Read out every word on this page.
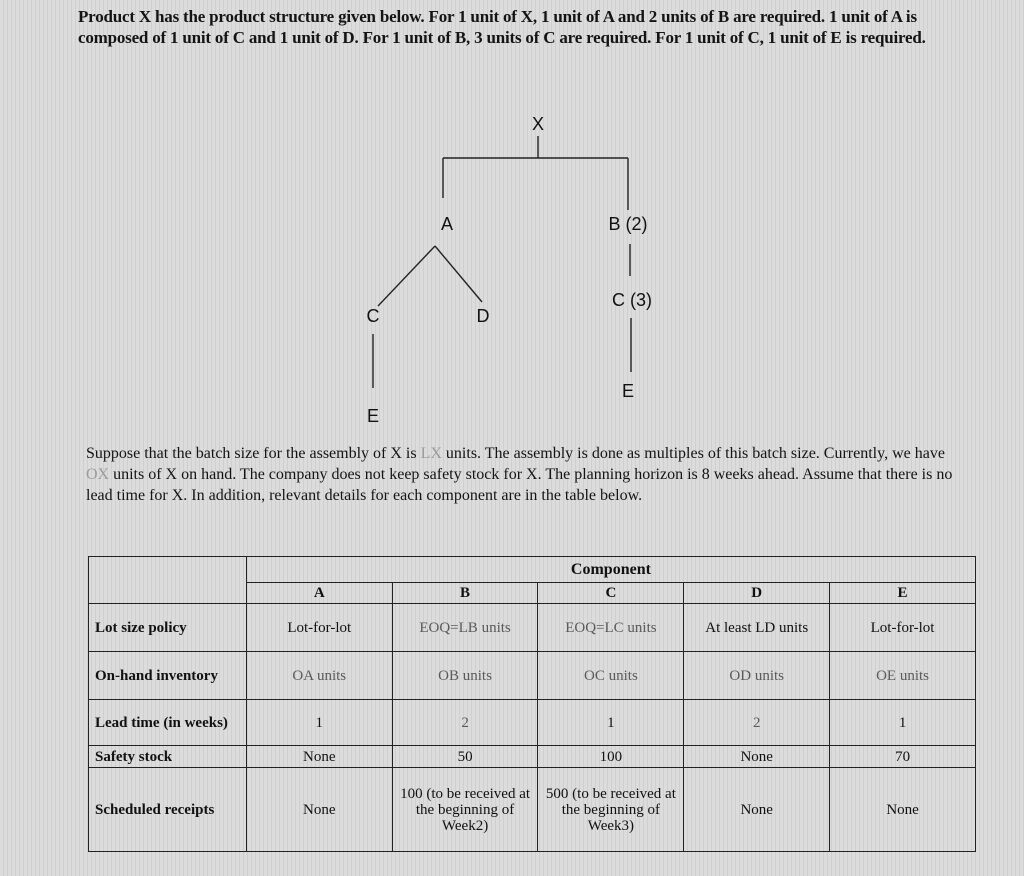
Product X has the product structure given below. For 1 unit of X, 1 unit of A and 2 units of B are required. 1 unit of A is composed of 1 unit of C and 1 unit of D. For 1 unit of B, 3 units of C are required. For 1 unit of C, 1 unit of E is required.

X
A	B (2)
C	D
E
C (3)
E

Suppose that the batch size for the assembly of X is LX units. The assembly is done as multiples of this batch size. Currently, we have OX units of X on hand. The company does not keep safety stock for X. The planning horizon is 8 weeks ahead. Assume that there is no lead time for X. In addition, relevant details for each component are in the table below.

	Component				
	A	B	C	D	E
Lot size policy	Lot-for-lot	EOQ=LB units	EOQ=LC units	At least LD units	Lot-for-lot
On-hand inventory	OA units	OB units	OC units	OD units	OE units
Lead time (in weeks)	1	2	1	2	1
Safety stock	None	50	100	None	70
Scheduled receipts	None	100 (to be received at the beginning of Week2)	500 (to be received at the beginning of Week3)	None	None
